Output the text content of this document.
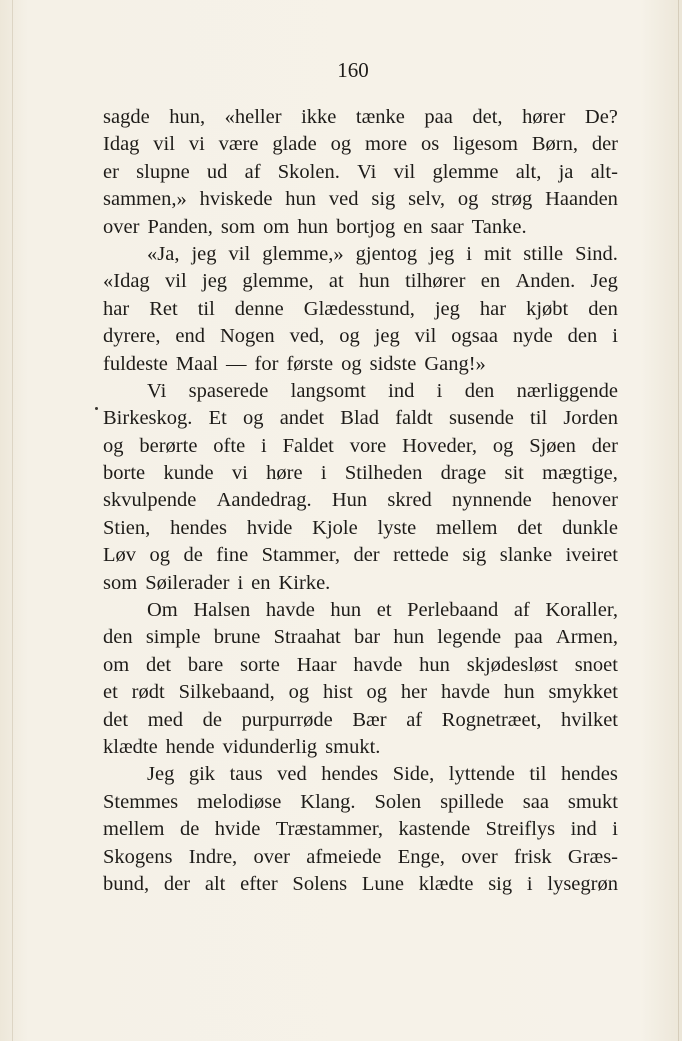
160
sagde hun, «heller ikke tænke paa det, hører De?
Idag vil vi være glade og more os ligesom Børn, der
er slupne ud af Skolen. Vi vil glemme alt, ja alt-
sammen,» hviskede hun ved sig selv, og strøg Haanden
over Panden, som om hun bortjog en saar Tanke.
«Ja, jeg vil glemme,» gjentog jeg i mit stille Sind.
«Idag vil jeg glemme, at hun tilhører en Anden. Jeg
har Ret til denne Glædesstund, jeg har kjøbt den
dyrere, end Nogen ved, og jeg vil ogsaa nyde den i
fuldeste Maal — for første og sidste Gang!»
Vi spaserede langsomt ind i den nærliggende
Birkeskog. Et og andet Blad faldt susende til Jorden
og berørte ofte i Faldet vore Hoveder, og Sjøen der
borte kunde vi høre i Stilheden drage sit mægtige,
skvulpende Aandedrag. Hun skred nynnende henover
Stien, hendes hvide Kjole lyste mellem det dunkle
Løv og de fine Stammer, der rettede sig slanke iveiret
som Søilerader i en Kirke.
Om Halsen havde hun et Perlebaand af Koraller,
den simple brune Straahat bar hun legende paa Armen,
om det bare sorte Haar havde hun skjødesløst snoet
et rødt Silkebaand, og hist og her havde hun smykket
det med de purpurrøde Bær af Rognetræet, hvilket
klædte hende vidunderlig smukt.
Jeg gik taus ved hendes Side, lyttende til hendes
Stemmes melodiøse Klang. Solen spillede saa smukt
mellem de hvide Træstammer, kastende Streiflys ind i
Skogens Indre, over afmeiede Enge, over frisk Græs-
bund, der alt efter Solens Lune klædte sig i lysegrøn
